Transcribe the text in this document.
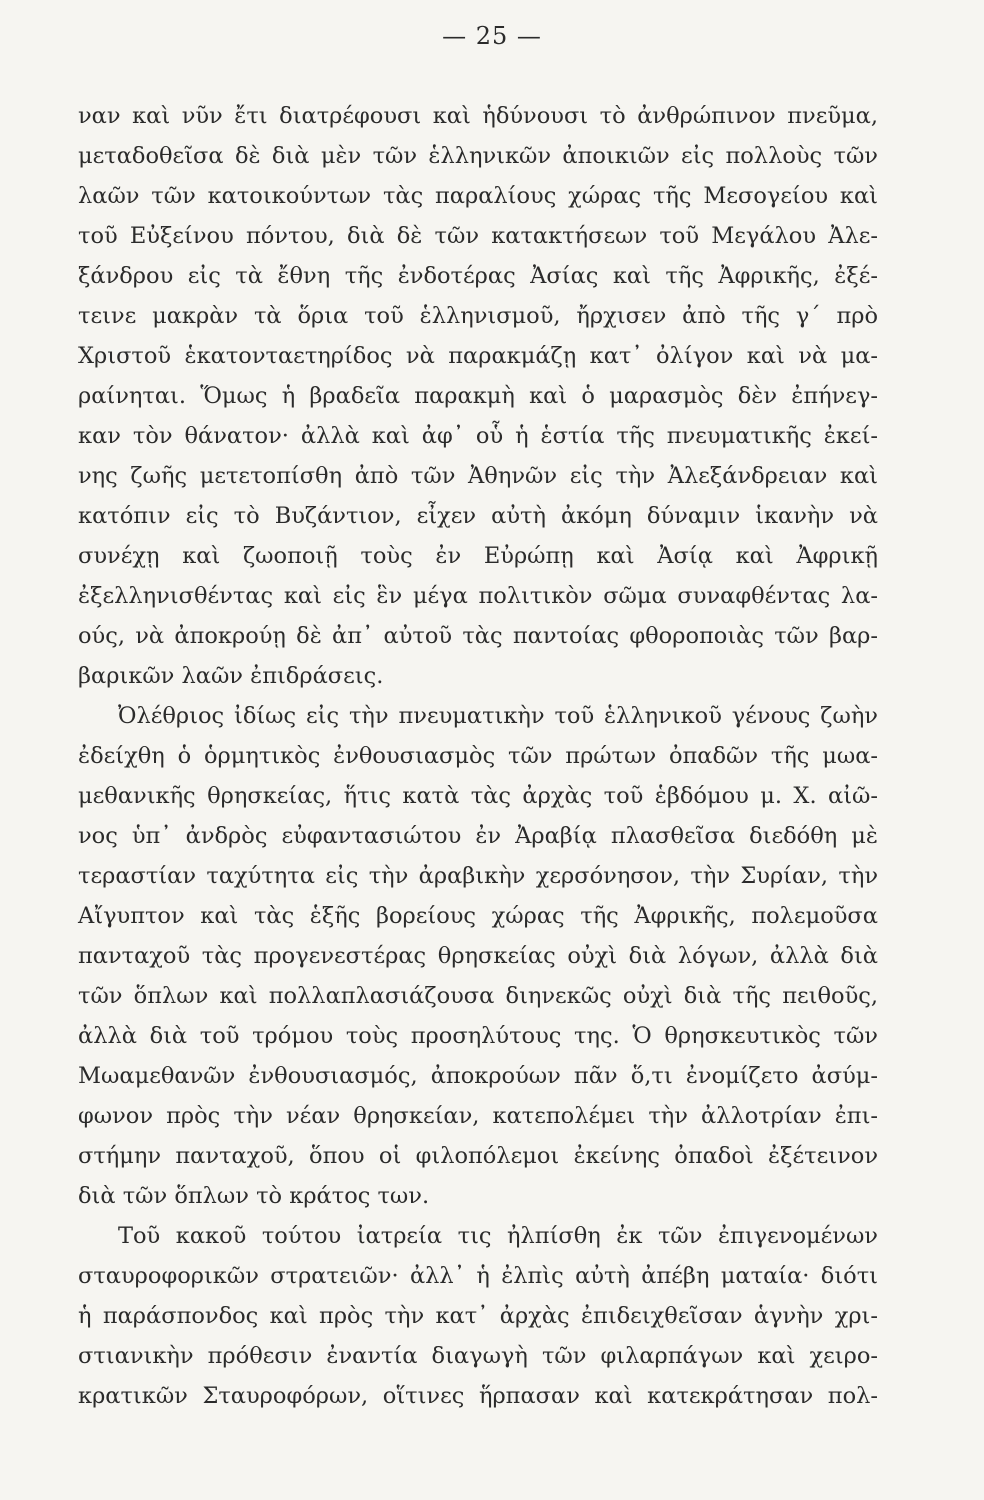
— 25 —
ναν καὶ νῦν ἔτι διατρέφουσι καὶ ἡδύνουσι τὸ ἀνθρώπινον πνεῦμα,
μεταδοθεῖσα δὲ διὰ μὲν τῶν ἑλληνικῶν ἀποικιῶν εἰς πολλοὺς τῶν
λαῶν τῶν κατοικούντων τὰς παραλίους χώρας τῆς Μεσογείου καὶ
τοῦ Εὐξείνου πόντου, διὰ δὲ τῶν κατακτήσεων τοῦ Μεγάλου Ἀλε-
ξάνδρου εἰς τὰ ἔθνη τῆς ἐνδοτέρας Ἀσίας καὶ τῆς Ἀφρικῆς, ἐξέ-
τεινε μακρὰν τὰ ὅρια τοῦ ἑλληνισμοῦ, ἤρχισεν ἀπὸ τῆς γ´ πρὸ
Χριστοῦ ἑκατονταετηρίδος νὰ παρακμάζῃ κατ᾽ ὀλίγον καὶ νὰ μα-
ραίνηται. Ὅμως ἡ βραδεῖα παρακμὴ καὶ ὁ μαρασμὸς δὲν ἐπήνεγ-
καν τὸν θάνατον· ἀλλὰ καὶ ἀφ᾽ οὗ ἡ ἑστία τῆς πνευματικῆς ἐκεί-
νης ζωῆς μετετοπίσθη ἀπὸ τῶν Ἀθηνῶν εἰς τὴν Ἀλεξάνδρειαν καὶ
κατόπιν εἰς τὸ Βυζάντιον, εἶχεν αὐτὴ ἀκόμη δύναμιν ἱκανὴν νὰ
συνέχῃ καὶ ζωοποιῇ τοὺς ἐν Εὐρώπῃ καὶ Ἀσίᾳ καὶ Ἀφρικῇ
ἐξελληνισθέντας καὶ εἰς ἓν μέγα πολιτικὸν σῶμα συναφθέντας λα-
ούς, νὰ ἀποκρούῃ δὲ ἀπ᾽ αὐτοῦ τὰς παντοίας φθοροποιὰς τῶν βαρ-
βαρικῶν λαῶν ἐπιδράσεις.
Ὀλέθριος ἰδίως εἰς τὴν πνευματικὴν τοῦ ἑλληνικοῦ γένους ζωὴν
ἐδείχθη ὁ ὁρμητικὸς ἐνθουσιασμὸς τῶν πρώτων ὀπαδῶν τῆς μωα-
μεθανικῆς θρησκείας, ἥτις κατὰ τὰς ἀρχὰς τοῦ ἑβδόμου μ. Χ. αἰῶ-
νος ὑπ᾽ ἀνδρὸς εὐφαντασιώτου ἐν Ἀραβίᾳ πλασθεῖσα διεδόθη μὲ
τεραστίαν ταχύτητα εἰς τὴν ἀραβικὴν χερσόνησον, τὴν Συρίαν, τὴν
Αἴγυπτον καὶ τὰς ἑξῆς βορείους χώρας τῆς Ἀφρικῆς, πολεμοῦσα
πανταχοῦ τὰς προγενεστέρας θρησκείας οὐχὶ διὰ λόγων, ἀλλὰ διὰ
τῶν ὅπλων καὶ πολλαπλασιάζουσα διηνεκῶς οὐχὶ διὰ τῆς πειθοῦς,
ἀλλὰ διὰ τοῦ τρόμου τοὺς προσηλύτους της. Ὁ θρησκευτικὸς τῶν
Μωαμεθανῶν ἐνθουσιασμός, ἀποκρούων πᾶν ὅ,τι ἐνομίζετο ἀσύμ-
φωνον πρὸς τὴν νέαν θρησκείαν, κατεπολέμει τὴν ἀλλοτρίαν ἐπι-
στήμην πανταχοῦ, ὅπου οἱ φιλοπόλεμοι ἐκείνης ὀπαδοὶ ἐξέτεινον
διὰ τῶν ὅπλων τὸ κράτος των.
Τοῦ κακοῦ τούτου ἰατρεία τις ἠλπίσθη ἐκ τῶν ἐπιγενομένων
σταυροφορικῶν στρατειῶν· ἀλλ᾽ ἡ ἐλπὶς αὐτὴ ἀπέβη ματαία· διότι
ἡ παράσπονδος καὶ πρὸς τὴν κατ᾽ ἀρχὰς ἐπιδειχθεῖσαν ἁγνὴν χρι-
στιανικὴν πρόθεσιν ἐναντία διαγωγὴ τῶν φιλαρπάγων καὶ χειρο-
κρατικῶν Σταυροφόρων, οἵτινες ἥρπασαν καὶ κατεκράτησαν πολ-
